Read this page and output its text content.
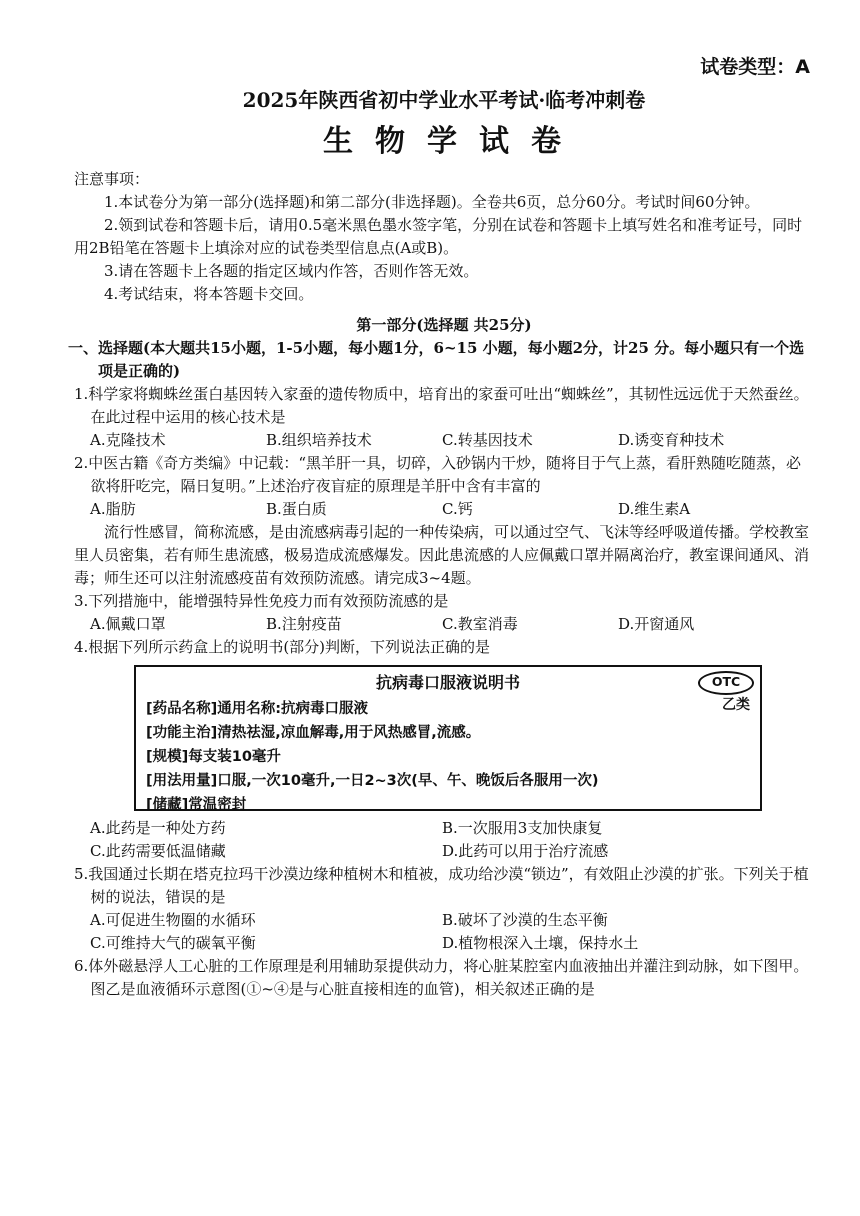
试卷类型：A
2025年陕西省初中学业水平考试·临考冲刺卷
生物学试卷
注意事项：

1.本试卷分为第一部分(选择题)和第二部分(非选择题)。全卷共6页，总分60分。考试时间60分钟。

2.领到试卷和答题卡后，请用0.5毫米黑色墨水签字笔，分别在试卷和答题卡上填写姓名和准考证号，同时用2B铅笔在答题卡上填涂对应的试卷类型信息点(A或B)。

3.请在答题卡上各题的指定区域内作答，否则作答无效。

4.考试结束，将本答题卡交回。

第一部分(选择题 共25分)
一、选择题(本大题共15小题，1-5小题，每小题1分，6~15 小题，每小题2分，计25 分。每小题只有一个选项是正确的)

1.科学家将蜘蛛丝蛋白基因转入家蚕的遗传物质中，培育出的家蚕可吐出“蜘蛛丝”，其韧性远远优于天然蚕丝。在此过程中运用的核心技术是

A.克隆技术	B.组织培养技术	C.转基因技术	D.诱变育种技术

2.中医古籍《奇方类编》中记载：“黑羊肝一具，切碎，入砂锅内干炒，随将目于气上蒸，看肝熟随吃随蒸，必欲将肝吃完，隔日复明。”上述治疗夜盲症的原理是羊肝中含有丰富的

A.脂肪	B.蛋白质	C.钙	D.维生素A

流行性感冒，简称流感，是由流感病毒引起的一种传染病，可以通过空气、飞沫等经呼吸道传播。学校教室里人员密集，若有师生患流感，极易造成流感爆发。因此患流感的人应佩戴口罩并隔离治疗，教室课间通风、消毒；师生还可以注射流感疫苗有效预防流感。请完成3~4题。

3.下列措施中，能增强特异性免疫力而有效预防流感的是

A.佩戴口罩	B.注射疫苗	C.教室消毒	D.开窗通风

4.根据下列所示药盒上的说明书(部分)判断，下列说法正确的是

抗病毒口服液说明书	OTC
乙类
[药品名称]通用名称:抗病毒口服液
[功能主治]清热祛湿,凉血解毒,用于风热感冒,流感。
[规模]每支装10毫升
[用法用量]口服,一次10毫升,一日2~3次(早、午、晚饭后各服用一次)
[储藏]常温密封
A.此药是一种处方药	B.一次服用3支加快康复
C.此药需要低温储藏	D.此药可以用于治疗流感

5.我国通过长期在塔克拉玛干沙漠边缘种植树木和植被，成功给沙漠“锁边”，有效阻止沙漠的扩张。下列关于植树的说法，错误的是

A.可促进生物圈的水循环	B.破坏了沙漠的生态平衡
C.可维持大气的碳氧平衡	D.植物根深入土壤，保持水土

6.体外磁悬浮人工心脏的工作原理是利用辅助泵提供动力，将心脏某腔室内血液抽出并灌注到动脉，如下图甲。图乙是血液循环示意图(①~④是与心脏直接相连的血管)，相关叙述正确的是
